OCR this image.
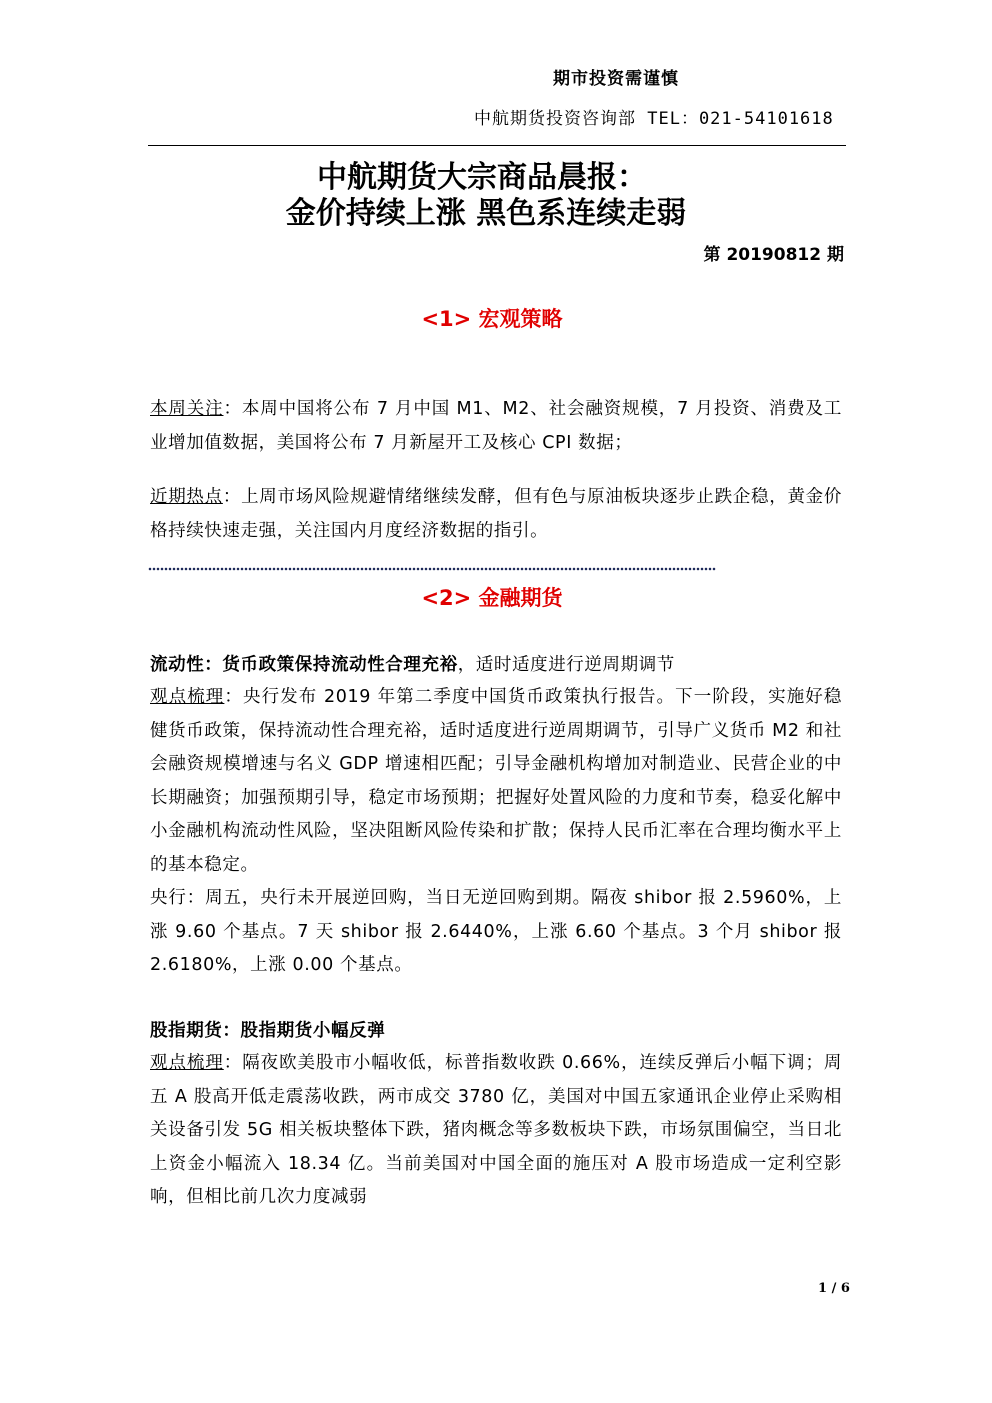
期市投资需谨慎
中航期货投资咨询部 TEL：021-54101618
中航期货大宗商品晨报：
金价持续上涨 黑色系连续走弱
第 20190812 期
<1> 宏观策略

本周关注：本周中国将公布 7 月中国 M1、M2、社会融资规模，7 月投资、消费及工业增加值数据，美国将公布 7 月新屋开工及核心 CPI 数据；

近期热点：上周市场风险规避情绪继续发酵，但有色与原油板块逐步止跌企稳，黄金价格持续快速走强，关注国内月度经济数据的指引。

<2> 金融期货

流动性：货币政策保持流动性合理充裕，适时适度进行逆周期调节

观点梳理：央行发布 2019 年第二季度中国货币政策执行报告。下一阶段，实施好稳健货币政策，保持流动性合理充裕，适时适度进行逆周期调节，引导广义货币 M2 和社会融资规模增速与名义 GDP 增速相匹配；引导金融机构增加对制造业、民营企业的中长期融资；加强预期引导，稳定市场预期；把握好处置风险的力度和节奏，稳妥化解中小金融机构流动性风险，坚决阻断风险传染和扩散；保持人民币汇率在合理均衡水平上的基本稳定。

央行：周五，央行未开展逆回购，当日无逆回购到期。隔夜 shibor 报 2.5960%，上涨 9.60 个基点。7 天 shibor 报 2.6440%，上涨 6.60 个基点。3 个月 shibor 报 2.6180%，上涨 0.00 个基点。

股指期货：股指期货小幅反弹

观点梳理：隔夜欧美股市小幅收低，标普指数收跌 0.66%，连续反弹后小幅下调；周五 A 股高开低走震荡收跌，两市成交 3780 亿，美国对中国五家通讯企业停止采购相关设备引发 5G 相关板块整体下跌，猪肉概念等多数板块下跌，市场氛围偏空，当日北上资金小幅流入 18.34 亿。当前美国对中国全面的施压对 A 股市场造成一定利空影响，但相比前几次力度减弱

1 / 6
